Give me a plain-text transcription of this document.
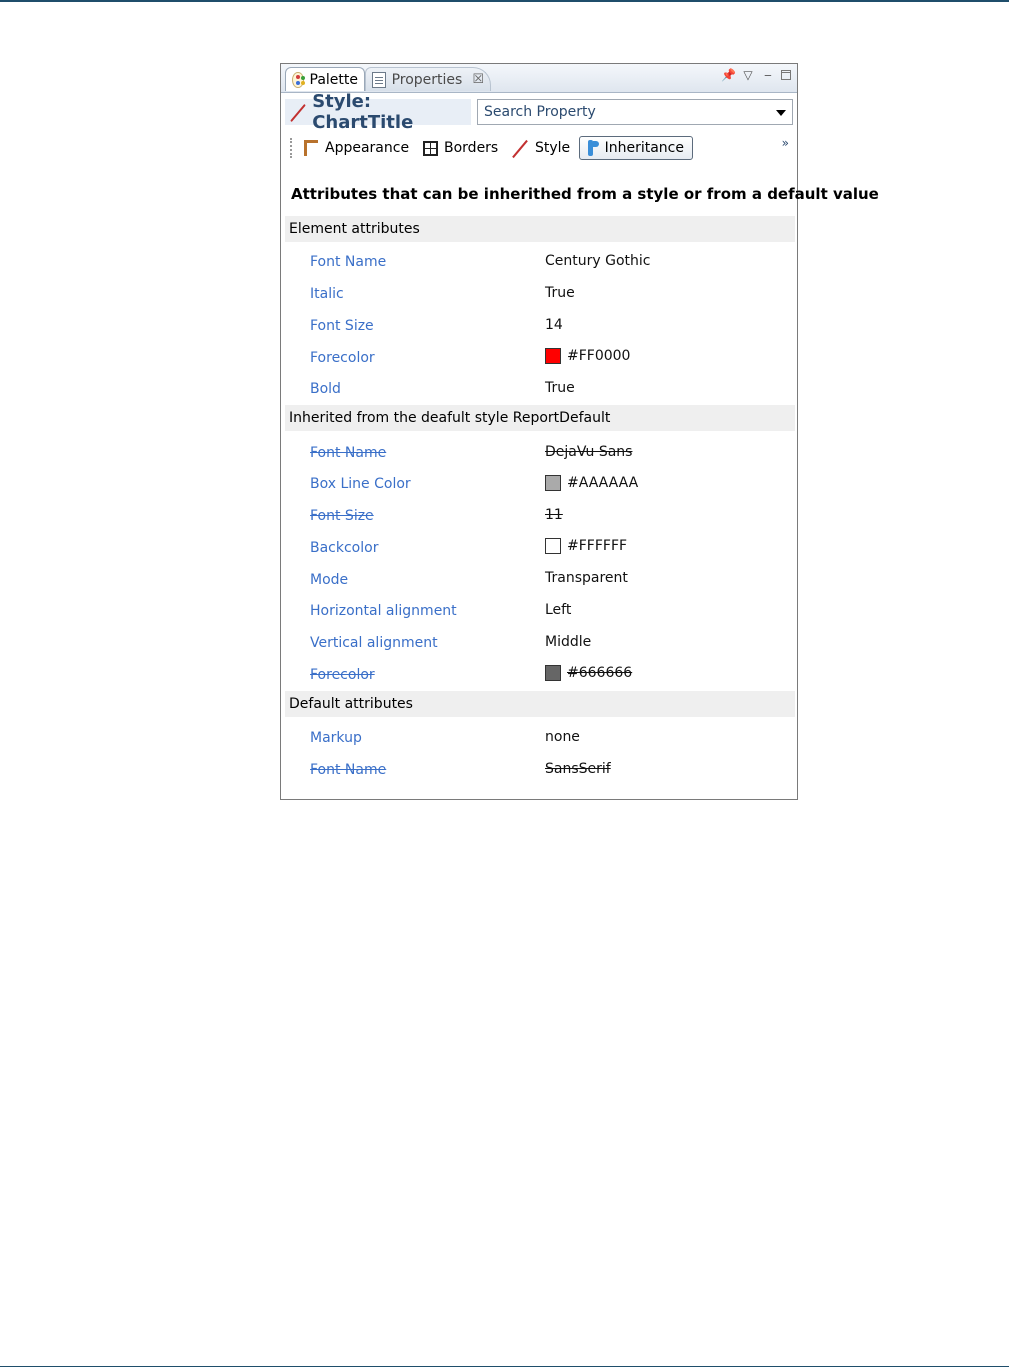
Palette Properties ☒	📌 ▽ ‒
Style: ChartTitle	Search Property
Appearance Borders	Style Inheritance	»
Attributes that can be inherithed from a style or from a default value
Element attributes
Font Name	Century Gothic
Italic	True
Font Size	14
Forecolor	#FF0000
Bold	True
Inherited from the deafult style ReportDefault
Font Name	DejaVu Sans
Box Line Color	#AAAAAA
Font Size	11
Backcolor	#FFFFFF
Mode	Transparent
Horizontal alignment	Left
Vertical alignment	Middle
Forecolor	#666666
Default attributes
Markup	none
Font Name	SansSerif
